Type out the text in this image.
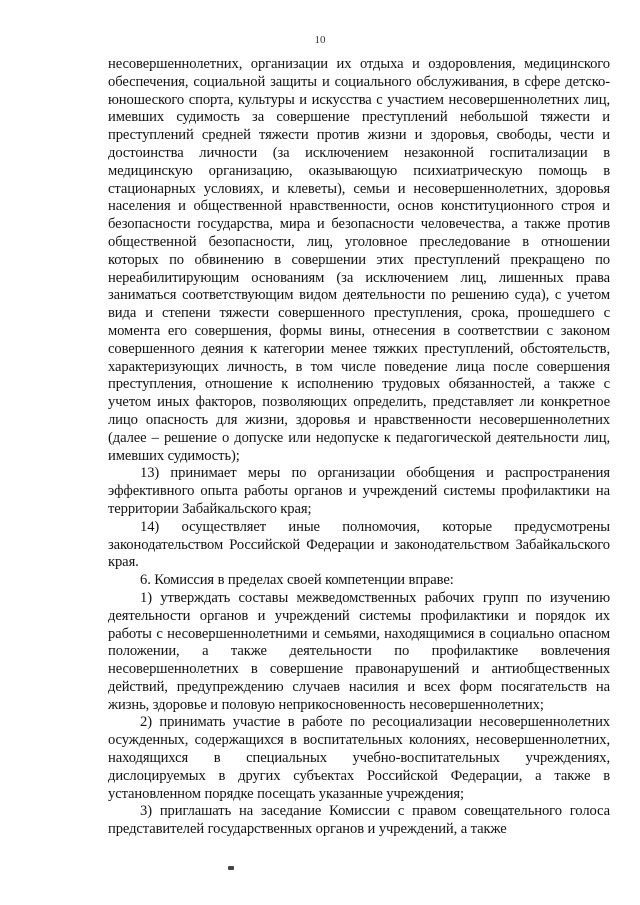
10

несовершеннолетних, организации их отдыха и оздоровления, медицинского обеспечения, социальной защиты и социального обслуживания, в сфере детско-юношеского спорта, культуры и искусства с участием несовершеннолетних лиц, имевших судимость за совершение преступлений небольшой тяжести и преступлений средней тяжести против жизни и здоровья, свободы, чести и достоинства личности (за исключением незаконной госпитализации в медицинскую организацию, оказывающую психиатрическую помощь в стационарных условиях, и клеветы), семьи и несовершеннолетних, здоровья населения и общественной нравственности, основ конституционного строя и безопасности государства, мира и безопасности человечества, а также против общественной безопасности, лиц, уголовное преследование в отношении которых по обвинению в совершении этих преступлений прекращено по нереабилитирующим основаниям (за исключением лиц, лишенных права заниматься соответствующим видом деятельности по решению суда), с учетом вида и степени тяжести совершенного преступления, срока, прошедшего с момента его совершения, формы вины, отнесения в соответствии с законом совершенного деяния к категории менее тяжких преступлений, обстоятельств, характеризующих личность, в том числе поведение лица после совершения преступления, отношение к исполнению трудовых обязанностей, а также с учетом иных факторов, позволяющих определить, представляет ли конкретное лицо опасность для жизни, здоровья и нравственности несовершеннолетних (далее – решение о допуске или недопуске к педагогической деятельности лиц, имевших судимость);

13) принимает меры по организации обобщения и распространения эффективного опыта работы органов и учреждений системы профилактики на территории Забайкальского края;

14) осуществляет иные полномочия, которые предусмотрены законодательством Российской Федерации и законодательством Забайкальского края.

6. Комиссия в пределах своей компетенции вправе:

1) утверждать составы межведомственных рабочих групп по изучению деятельности органов и учреждений системы профилактики и порядок их работы с несовершеннолетними и семьями, находящимися в социально опасном положении, а также деятельности по профилактике вовлечения несовершеннолетних в совершение правонарушений и антиобщественных действий, предупреждению случаев насилия и всех форм посягательств на жизнь, здоровье и половую неприкосновенность несовершеннолетних;

2) принимать участие в работе по ресоциализации несовершеннолетних осужденных, содержащихся в воспитательных колониях, несовершеннолетних, находящихся в специальных учебно-воспитательных учреждениях, дислоцируемых в других субъектах Российской Федерации, а также в установленном порядке посещать указанные учреждения;

3) приглашать на заседание Комиссии с правом совещательного голоса представителей государственных органов и учреждений, а также
